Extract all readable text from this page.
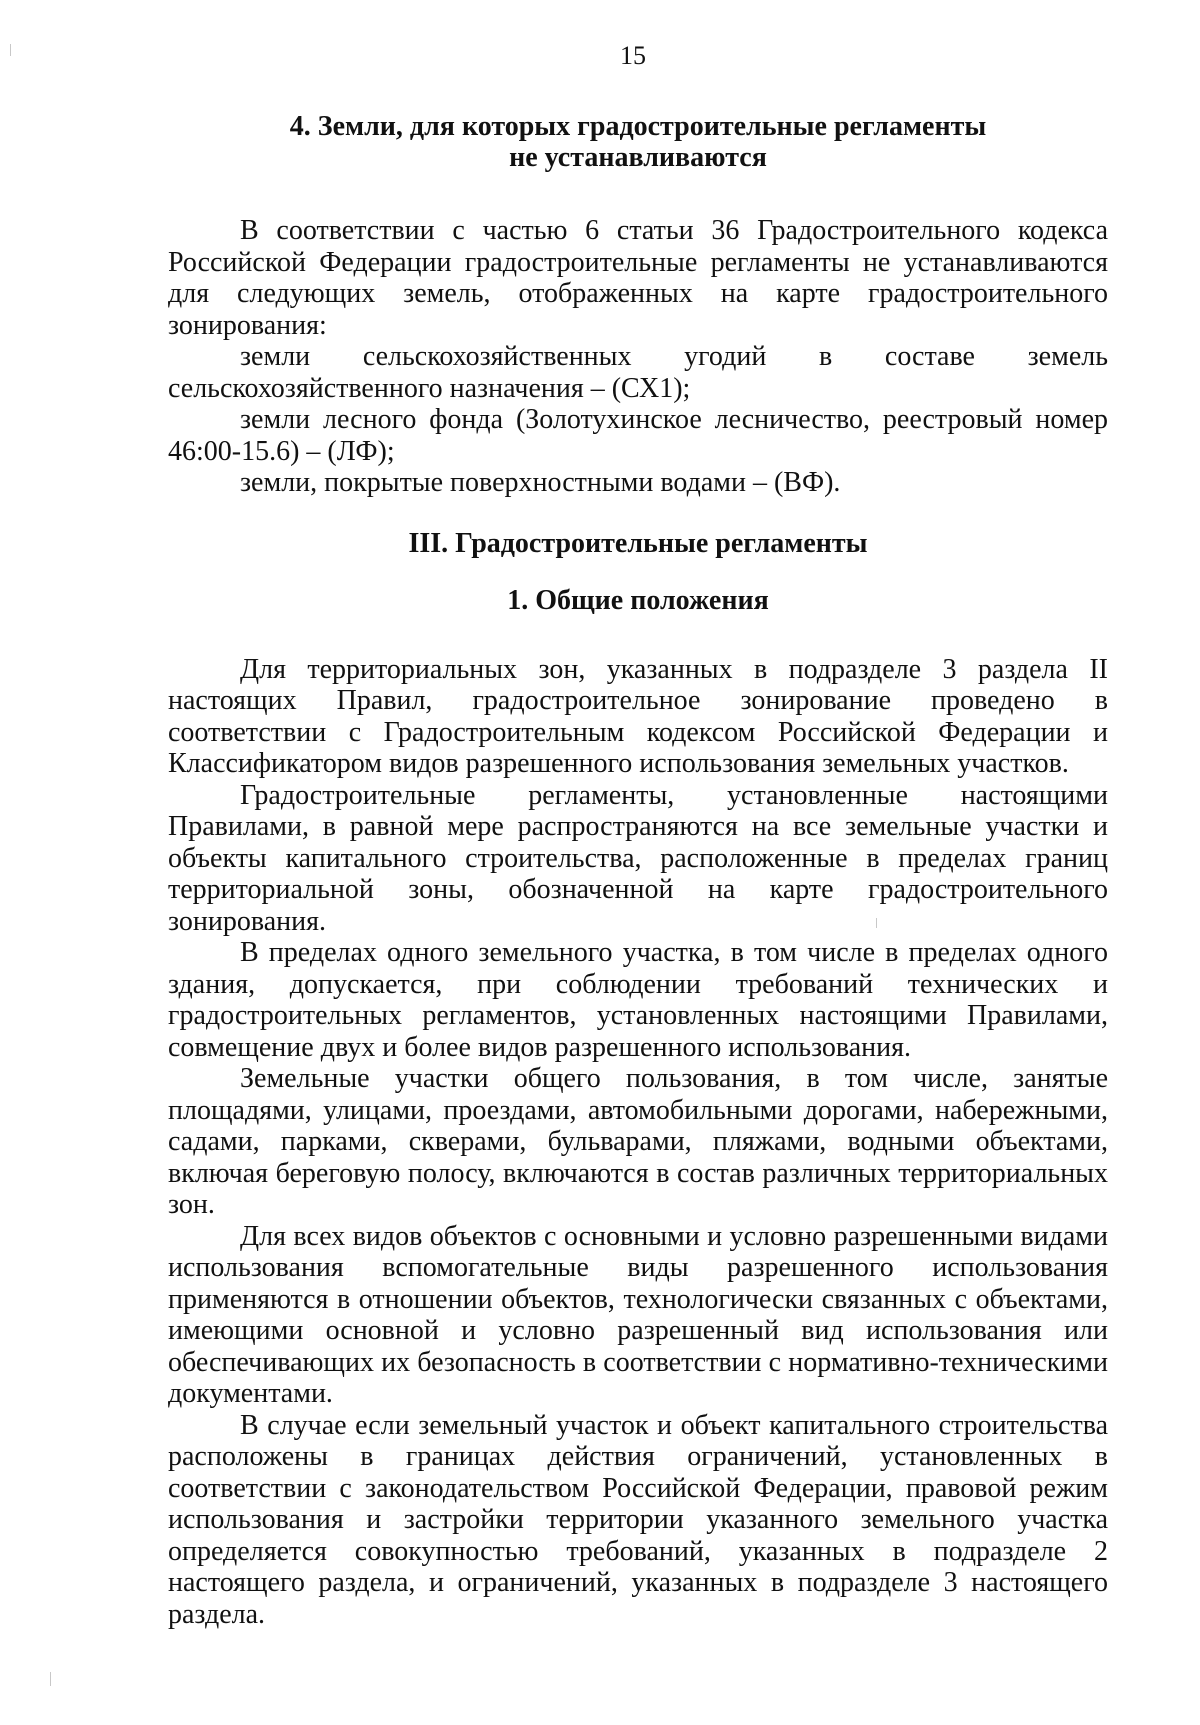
15
4. Земли, для которых градостроительные регламенты
не устанавливаются

В соответствии с частью 6 статьи 36 Градостроительного кодекса Российской Федерации градостроительные регламенты не устанавливаются для следующих земель, отображенных на карте градостроительного зонирования:

земли сельскохозяйственных угодий в составе земель сельскохозяйственного назначения – (СХ1);

земли лесного фонда (Золотухинское лесничество, реестровый номер 46:00-15.6) – (ЛФ);

земли, покрытые поверхностными водами – (ВФ).

III. Градостроительные регламенты
1. Общие положения

Для территориальных зон, указанных в подразделе 3 раздела II настоящих Правил, градостроительное зонирование проведено в соответствии с Градостроительным кодексом Российской Федерации и Классификатором видов разрешенного использования земельных участков.

Градостроительные регламенты, установленные настоящими Правилами, в равной мере распространяются на все земельные участки и объекты капитального строительства, расположенные в пределах границ территориальной зоны, обозначенной на карте градостроительного зонирования.

В пределах одного земельного участка, в том числе в пределах одного здания, допускается, при соблюдении требований технических и градостроительных регламентов, установленных настоящими Правилами, совмещение двух и более видов разрешенного использования.

Земельные участки общего пользования, в том числе, занятые площадями, улицами, проездами, автомобильными дорогами, набережными, садами, парками, скверами, бульварами, пляжами, водными объектами, включая береговую полосу, включаются в состав различных территориальных зон.

Для всех видов объектов с основными и условно разрешенными видами использования вспомогательные виды разрешенного использования применяются в отношении объектов, технологически связанных с объектами, имеющими основной и условно разрешенный вид использования или обеспечивающих их безопасность в соответствии с нормативно-техническими документами.

В случае если земельный участок и объект капитального строительства расположены в границах действия ограничений, установленных в соответствии с законодательством Российской Федерации, правовой режим использования и застройки территории указанного земельного участка определяется совокупностью требований, указанных в подразделе 2 настоящего раздела, и ограничений, указанных в подразделе 3 настоящего раздела.
